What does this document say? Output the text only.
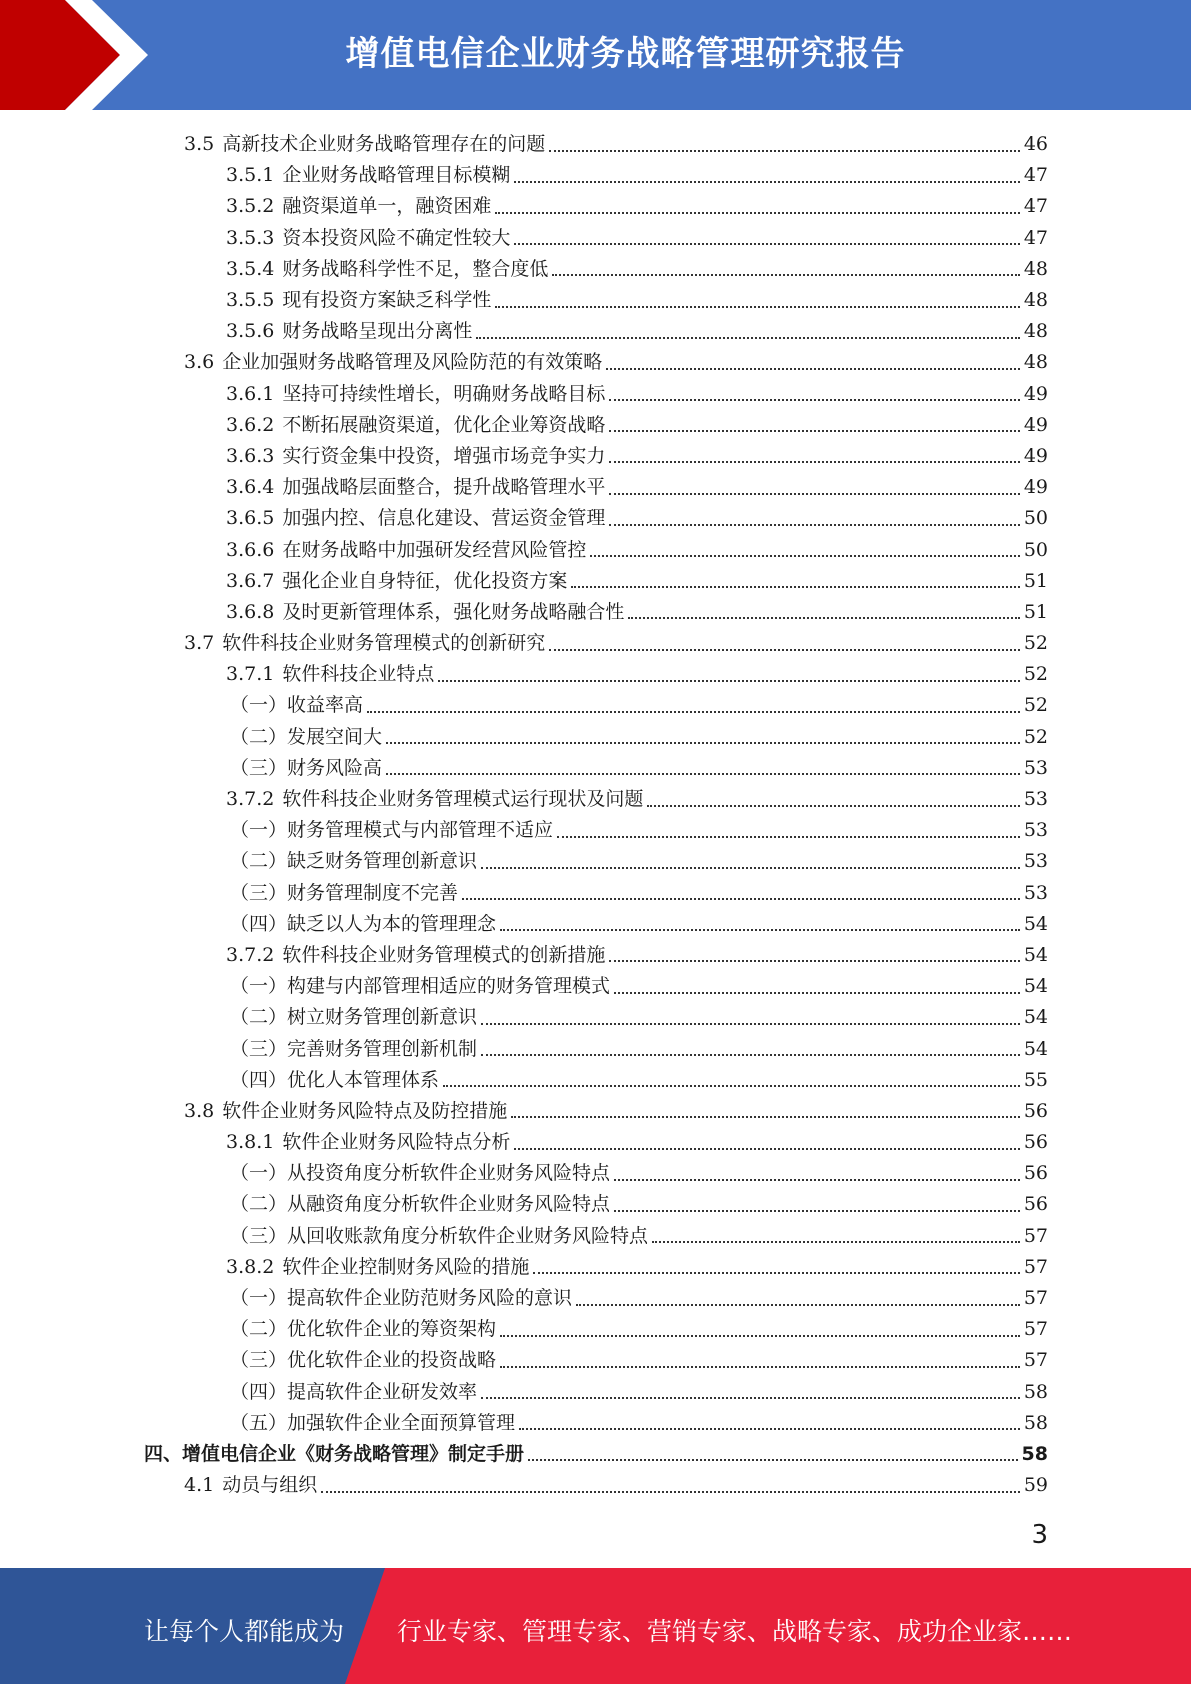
增值电信企业财务战略管理研究报告
3.5 高新技术企业财务战略管理存在的问题	46
3.5.1 企业财务战略管理目标模糊	47
3.5.2 融资渠道单一，融资困难	47
3.5.3 资本投资风险不确定性较大	47
3.5.4 财务战略科学性不足，整合度低	48
3.5.5 现有投资方案缺乏科学性	48
3.5.6 财务战略呈现出分离性	48
3.6 企业加强财务战略管理及风险防范的有效策略	48
3.6.1 坚持可持续性增长，明确财务战略目标	49
3.6.2 不断拓展融资渠道，优化企业筹资战略	49
3.6.3 实行资金集中投资，增强市场竞争实力	49
3.6.4 加强战略层面整合，提升战略管理水平	49
3.6.5 加强内控、信息化建设、营运资金管理	50
3.6.6 在财务战略中加强研发经营风险管控	50
3.6.7 强化企业自身特征，优化投资方案	51
3.6.8 及时更新管理体系，强化财务战略融合性	51
3.7 软件科技企业财务管理模式的创新研究	52
3.7.1 软件科技企业特点	52
（一）收益率高	52
（二）发展空间大	52
（三）财务风险高	53
3.7.2 软件科技企业财务管理模式运行现状及问题	53
（一）财务管理模式与内部管理不适应	53
（二）缺乏财务管理创新意识	53
（三）财务管理制度不完善	53
（四）缺乏以人为本的管理理念	54
3.7.2 软件科技企业财务管理模式的创新措施	54
（一）构建与内部管理相适应的财务管理模式	54
（二）树立财务管理创新意识	54
（三）完善财务管理创新机制	54
（四）优化人本管理体系	55
3.8 软件企业财务风险特点及防控措施	56
3.8.1 软件企业财务风险特点分析	56
（一）从投资角度分析软件企业财务风险特点	56
（二）从融资角度分析软件企业财务风险特点	56
（三）从回收账款角度分析软件企业财务风险特点	57
3.8.2 软件企业控制财务风险的措施	57
（一）提高软件企业防范财务风险的意识	57
（二）优化软件企业的筹资架构	57
（三）优化软件企业的投资战略	57
（四）提高软件企业研发效率	58
（五）加强软件企业全面预算管理	58
四、增值电信企业《财务战略管理》制定手册	58
4.1 动员与组织	59
3
让每个人都能成为 行业专家、管理专家、营销专家、战略专家、成功企业家……
